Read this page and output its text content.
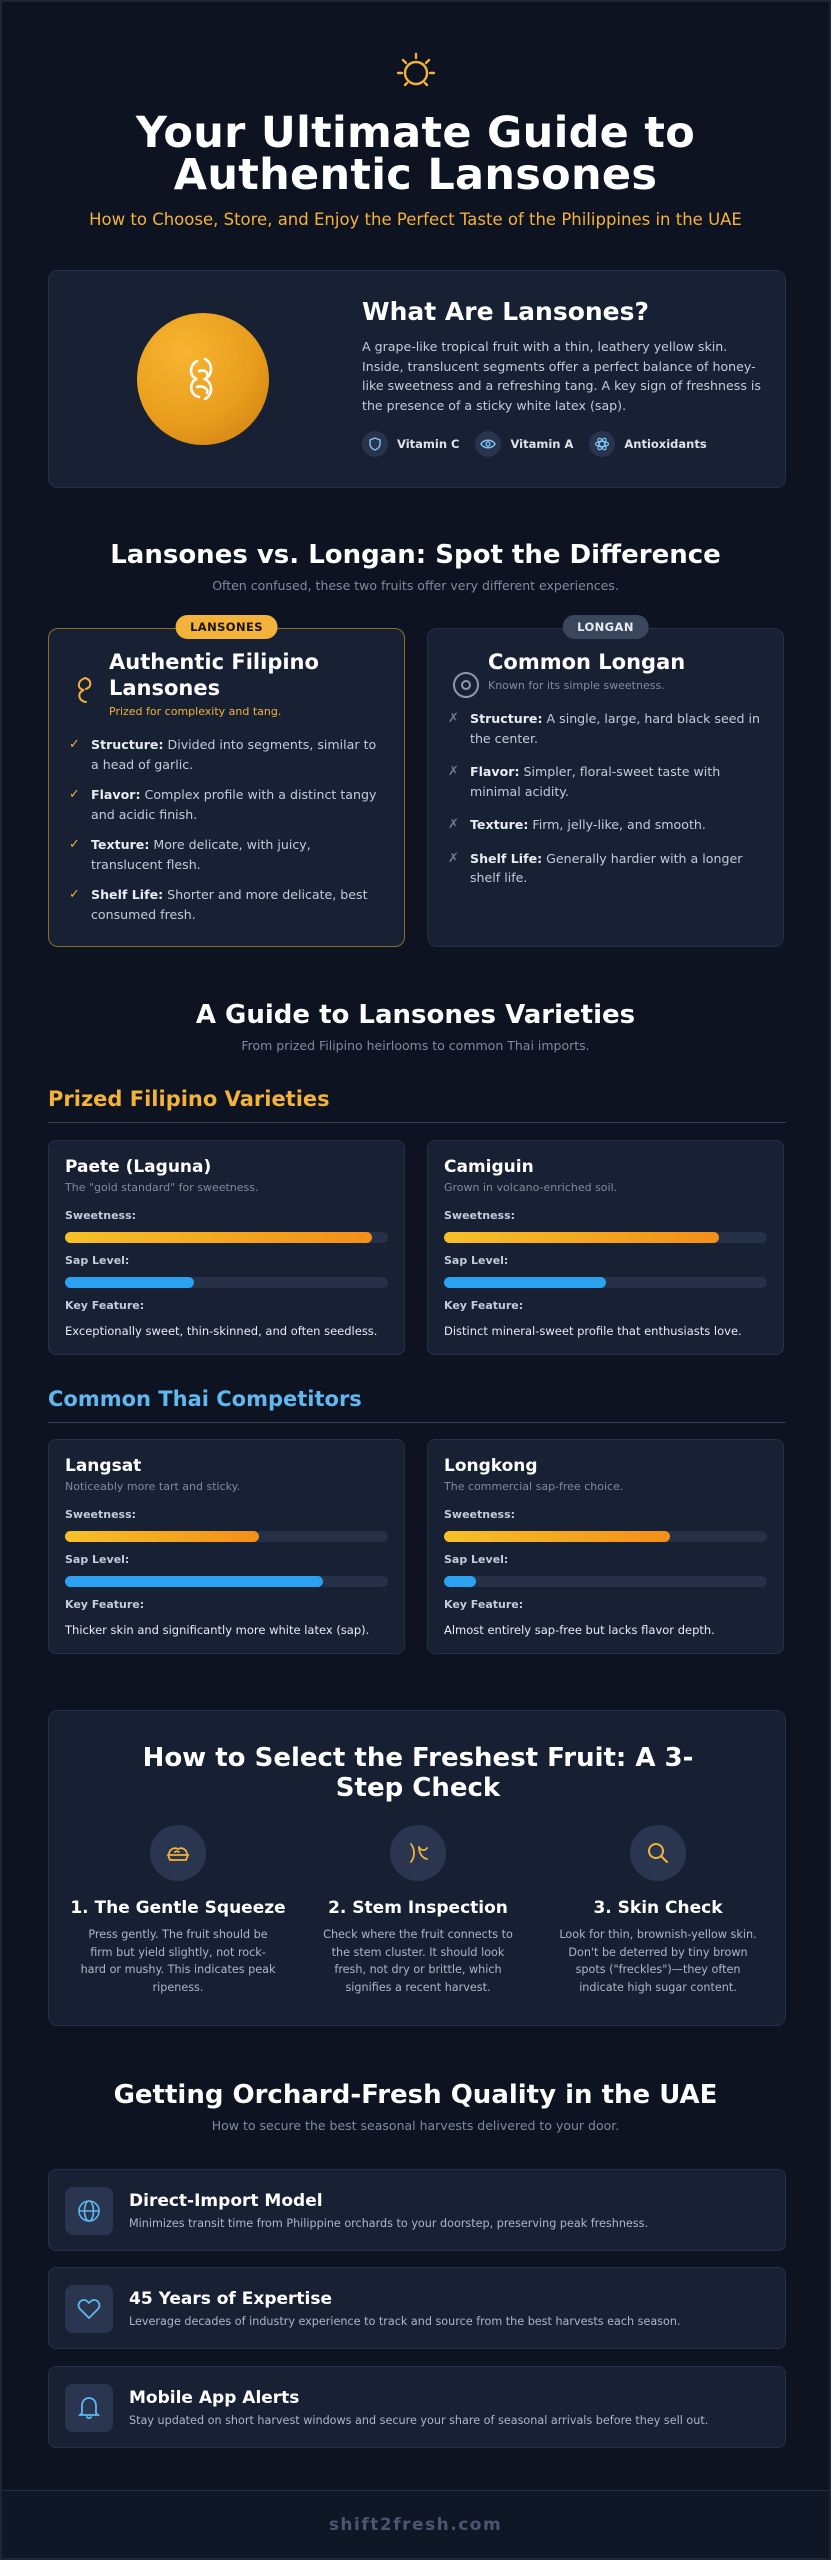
Your Ultimate Guide to Authentic Lansones
How to Choose, Store, and Enjoy the Perfect Taste of the Philippines in the UAE
What Are Lansones?

A grape-like tropical fruit with a thin, leathery yellow skin. Inside, translucent segments offer a perfect balance of honey-like sweetness and a refreshing tang. A key sign of freshness is the presence of a sticky white latex (sap).

Vitamin C	Vitamin A	Antioxidants
Lansones vs. Longan: Spot the Difference

Often confused, these two fruits offer very different experiences.

LANSONES
Authentic Filipino Lansones
Prized for complexity and tang.
✓ Structure: Divided into segments, similar to a head of garlic.
✓ Flavor: Complex profile with a distinct tangy and acidic finish.
✓ Texture: More delicate, with juicy, translucent flesh.
✓ Shelf Life: Shorter and more delicate, best consumed fresh.
LONGAN
Common Longan
Known for its simple sweetness.
✗ Structure: A single, large, hard black seed in the center.
✗ Flavor: Simpler, floral-sweet taste with minimal acidity.
✗ Texture: Firm, jelly-like, and smooth.
✗ Shelf Life: Generally hardier with a longer shelf life.
A Guide to Lansones Varieties

From prized Filipino heirlooms to common Thai imports.

Prized Filipino Varieties
Paete (Laguna)
The "gold standard" for sweetness.
Sweetness:
Sap Level:
Key Feature:
Exceptionally sweet, thin-skinned, and often seedless.
Camiguin
Grown in volcano-enriched soil.
Sweetness:
Sap Level:
Key Feature:
Distinct mineral-sweet profile that enthusiasts love.
Common Thai Competitors
Langsat
Noticeably more tart and sticky.
Sweetness:
Sap Level:
Key Feature:
Thicker skin and significantly more white latex (sap).
Longkong
The commercial sap-free choice.
Sweetness:
Sap Level:
Key Feature:
Almost entirely sap-free but lacks flavor depth.
How to Select the Freshest Fruit: A 3-Step Check
1. The Gentle Squeeze
Press gently. The fruit should be firm but yield slightly, not rock-hard or mushy. This indicates peak ripeness.
2. Stem Inspection
Check where the fruit connects to the stem cluster. It should look fresh, not dry or brittle, which signifies a recent harvest.
3. Skin Check
Look for thin, brownish-yellow skin. Don't be deterred by tiny brown spots ("freckles")—they often indicate high sugar content.
Getting Orchard-Fresh Quality in the UAE

How to secure the best seasonal harvests delivered to your door.

Direct-Import Model
Minimizes transit time from Philippine orchards to your doorstep, preserving peak freshness.
45 Years of Expertise
Leverage decades of industry experience to track and source from the best harvests each season.
Mobile App Alerts
Stay updated on short harvest windows and secure your share of seasonal arrivals before they sell out.
shift2fresh.com
